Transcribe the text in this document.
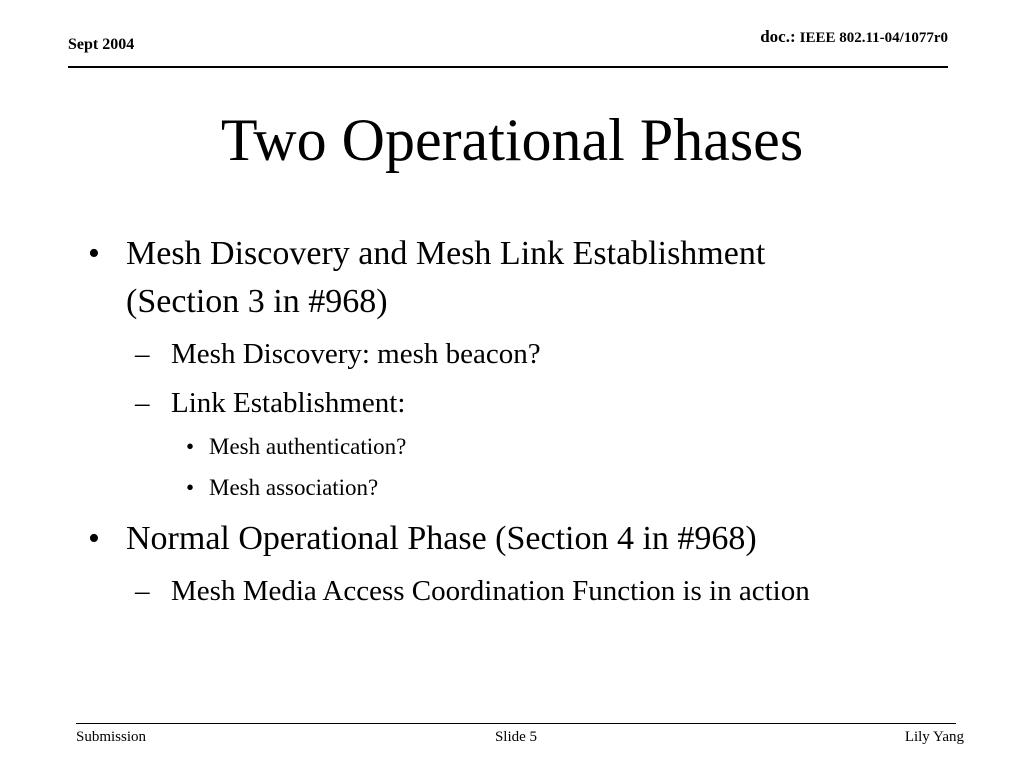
Sept 2004	doc.: IEEE 802.11-04/1077r0
Two Operational Phases
• Mesh Discovery and Mesh Link Establishment
(Section 3 in #968)
– Mesh Discovery: mesh beacon?
– Link Establishment:
• Mesh authentication?
• Mesh association?
• Normal Operational Phase (Section 4 in #968)
– Mesh Media Access Coordination Function is in action
Submission	Slide 5	Lily Yang
